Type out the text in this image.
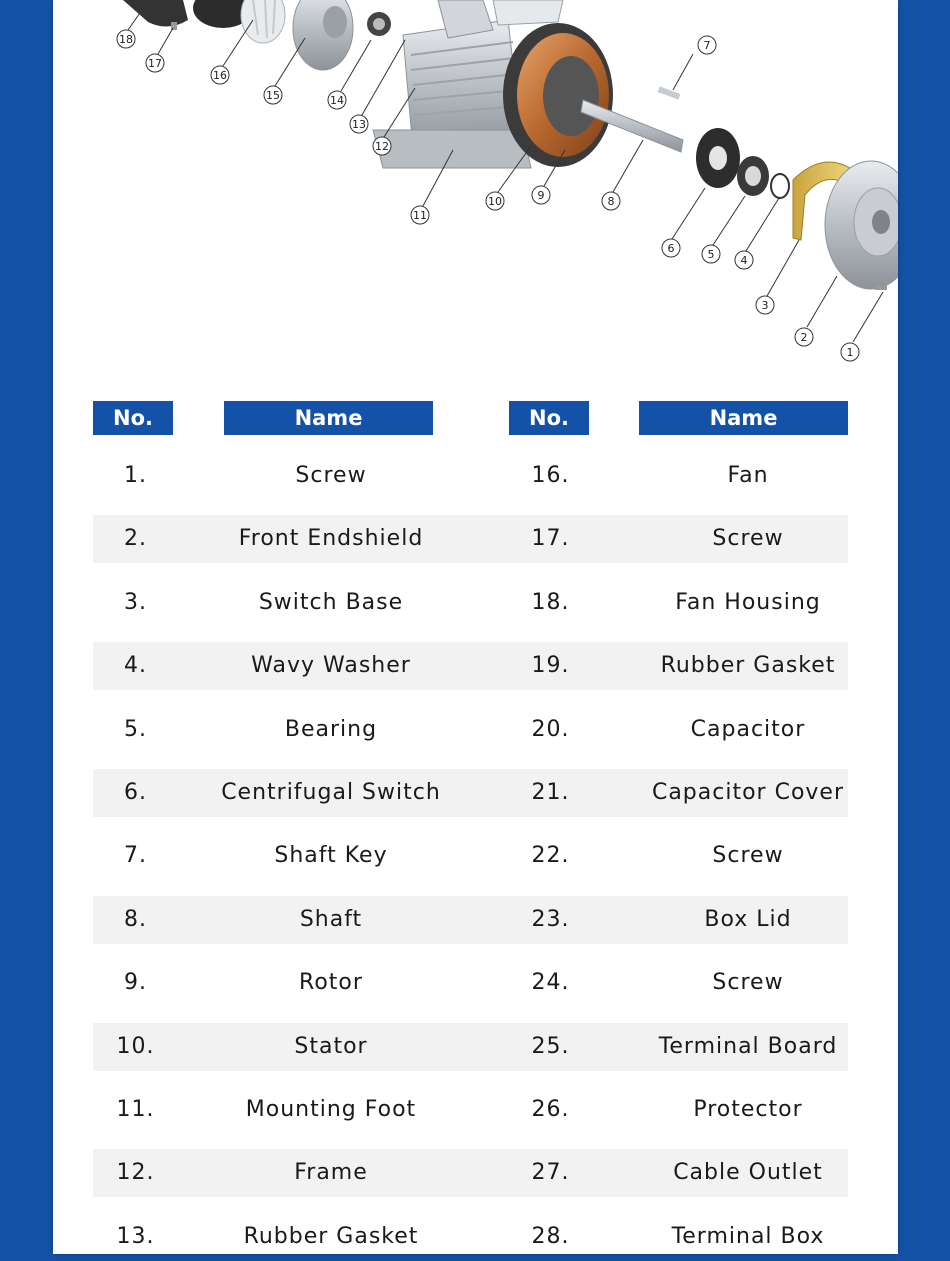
1
2
3
4
5
6
7
8
9
10
11
12
13
14
15
16
17
18
No.	Name	No.	Name
1.	Screw	16.	Fan
2.	Front Endshield	17.	Screw
3.	Switch Base	18.	Fan Housing
4.	Wavy Washer	19.	Rubber Gasket
5.	Bearing	20.	Capacitor
6.	Centrifugal Switch	21.	Capacitor Cover
7.	Shaft Key	22.	Screw
8.	Shaft	23.	Box Lid
9.	Rotor	24.	Screw
10.	Stator	25.	Terminal Board
11.	Mounting Foot	26.	Protector
12.	Frame	27.	Cable Outlet
13.	Rubber Gasket	28.	Terminal Box
